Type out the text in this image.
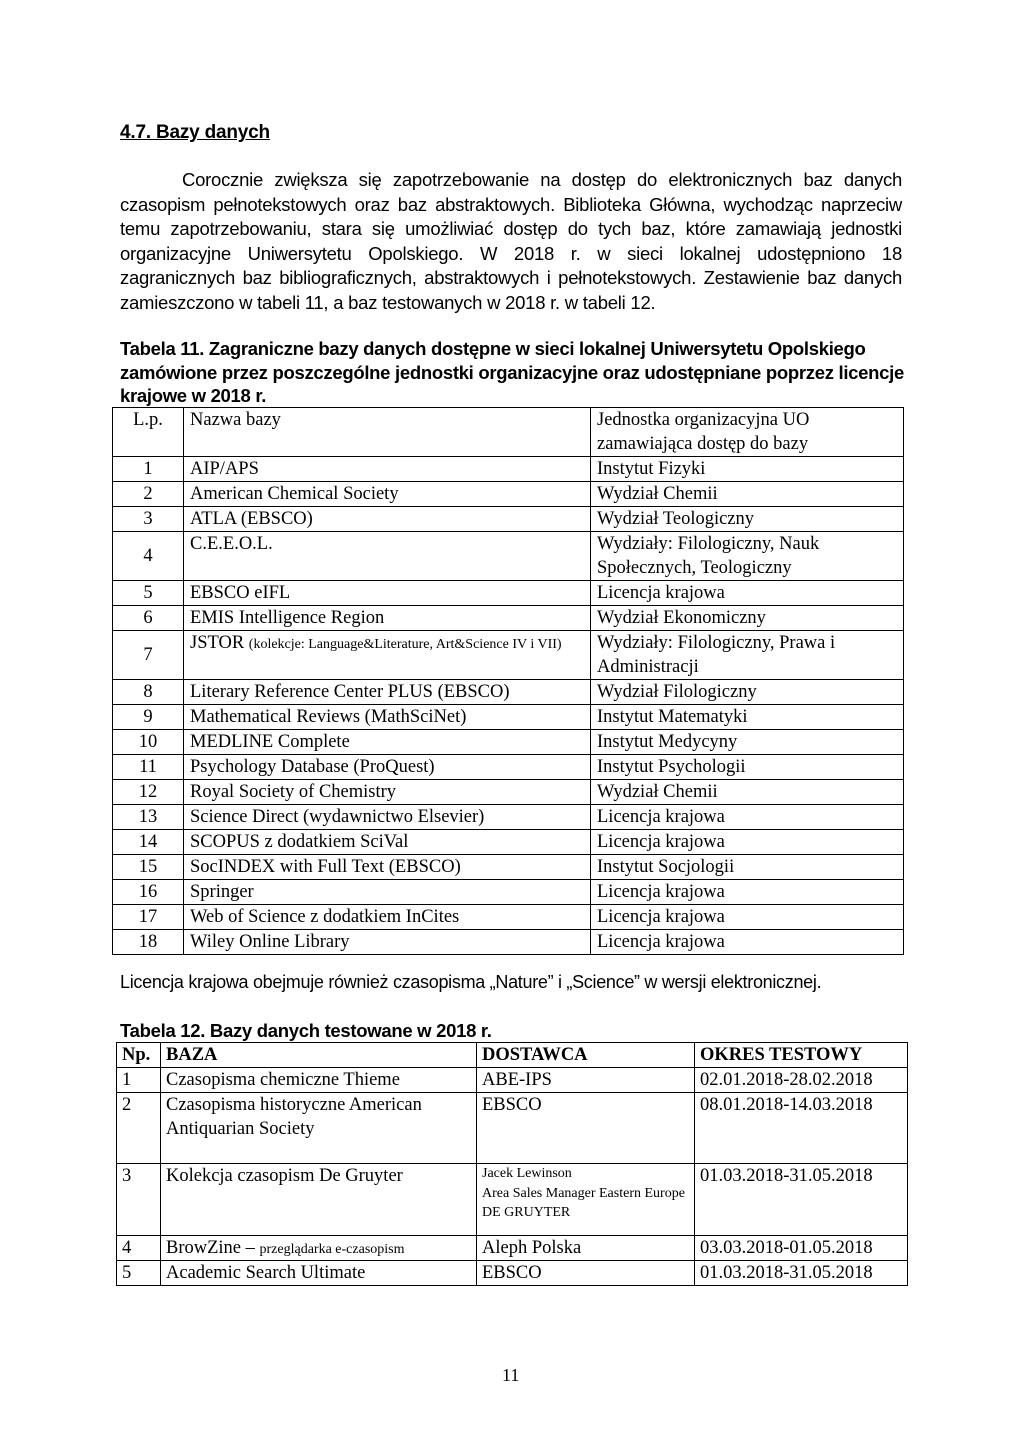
4.7. Bazy danych

Corocznie zwiększa się zapotrzebowanie na dostęp do elektronicznych baz danych czasopism pełnotekstowych oraz baz abstraktowych. Biblioteka Główna, wychodząc naprzeciw temu zapotrzebowaniu, stara się umożliwiać dostęp do tych baz, które zamawiają jednostki organizacyjne Uniwersytetu Opolskiego. W 2018 r. w sieci lokalnej udostępniono 18 zagranicznych baz bibliograficznych, abstraktowych i pełnotekstowych. Zestawienie baz danych zamieszczono w tabeli 11, a baz testowanych w 2018 r. w tabeli 12.

Tabela 11. Zagraniczne bazy danych dostępne w sieci lokalnej Uniwersytetu Opolskiego zamówione przez poszczególne jednostki organizacyjne oraz udostępniane poprzez licencje krajowe w 2018 r.
L.p.	Nazwa bazy	Jednostka organizacyjna UO zamawiająca dostęp do bazy
1	AIP/APS	Instytut Fizyki
2	American Chemical Society	Wydział Chemii
3	ATLA (EBSCO)	Wydział Teologiczny
4	C.E.E.O.L.	Wydziały: Filologiczny, Nauk Społecznych, Teologiczny
5	EBSCO eIFL	Licencja krajowa
6	EMIS Intelligence Region	Wydział Ekonomiczny
7	JSTOR (kolekcje: Language&Literature, Art&Science IV i VII)	Wydziały: Filologiczny, Prawa i Administracji
8	Literary Reference Center PLUS (EBSCO)	Wydział Filologiczny
9	Mathematical Reviews (MathSciNet)	Instytut Matematyki
10	MEDLINE Complete	Instytut Medycyny
11	Psychology Database (ProQuest)	Instytut Psychologii
12	Royal Society of Chemistry	Wydział Chemii
13	Science Direct (wydawnictwo Elsevier)	Licencja krajowa
14	SCOPUS z dodatkiem SciVal	Licencja krajowa
15	SocINDEX with Full Text (EBSCO)	Instytut Socjologii
16	Springer	Licencja krajowa
17	Web of Science z dodatkiem InCites	Licencja krajowa
18	Wiley Online Library	Licencja krajowa
Licencja krajowa obejmuje również czasopisma „Nature” i „Science” w wersji elektronicznej.
Tabela 12. Bazy danych testowane w 2018 r.
Np.	BAZA	DOSTAWCA	OKRES TESTOWY
1	Czasopisma chemiczne Thieme	ABE-IPS	02.01.2018-28.02.2018
2	Czasopisma historyczne American Antiquarian Society	EBSCO	08.01.2018-14.03.2018
3	Kolekcja czasopism De Gruyter	Jacek Lewinson
Area Sales Manager Eastern Europe
DE GRUYTER	01.03.2018-31.05.2018
4	BrowZine – przeglądarka e-czasopism	Aleph Polska	03.03.2018-01.05.2018
5	Academic Search Ultimate	EBSCO	01.03.2018-31.05.2018
11
